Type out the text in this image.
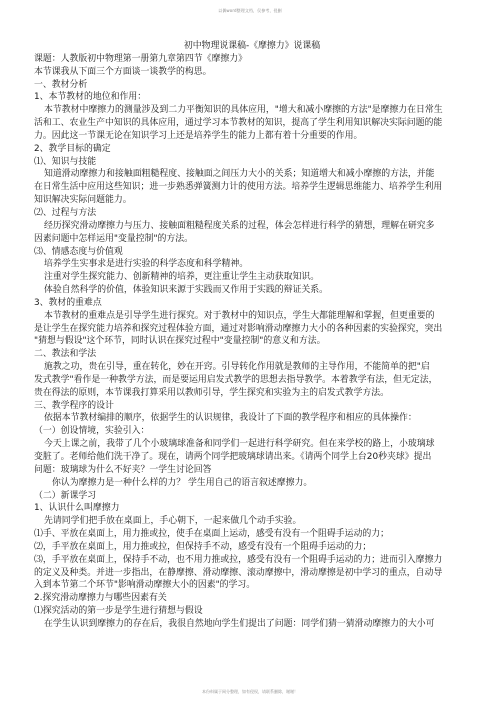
以偶word整理文档，仅参考，侵删
初中物理说课稿-《摩擦力》说课稿
课题：人教版初中物理第一册第九章第四节《摩擦力》
本节课我从下面三个方面谈一谈教学的构思。
一、教材分析
1、本节教材的地位和作用：
本节教材中摩擦力的测量涉及到二力平衡知识的具体应用，"增大和减小摩擦的方法"是摩擦力在日常生
活和工、农业生产中知识的具体应用，通过学习本节教材的知识，提高了学生利用知识解决实际问题的能
力。因此这一节课无论在知识学习上还是培养学生的能力上都有着十分重要的作用。
2、教学目标的确定
⑴、知识与技能
知道滑动摩擦力和接触面粗糙程度、接触面之间压力大小的关系；知道增大和减小摩擦的方法，并能
在日常生活中应用这些知识；进一步熟悉弹簧测力计的使用方法。培养学生逻辑思维能力、培养学生利用
知识解决实际问题能力。
⑵、过程与方法
经历探究滑动摩擦力与压力、接触面粗糙程度关系的过程，体会怎样进行科学的猜想，理解在研究多
因素问题中怎样运用"变量控制"的方法。
⑶、情感态度与价值观
培养学生实事求是进行实验的科学态度和科学精神。
注重对学生探究能力、创新精神的培养，更注重让学生主动获取知识。
体验自然科学的价值，体验知识来源于实践而又作用于实践的辩证关系。
3、教材的重难点
本节教材的重难点是引导学生进行探究。对于教材中的知识点，学生大都能理解和掌握，但更重要的
是让学生在探究能力培养和探究过程体验方面，通过对影响滑动摩擦力大小的各种因素的实验探究，突出
"猜想与假设"这个环节，同时认识在探究过程中"变量控制"的意义和方法。
二、教法和学法
施教之功，贵在引导，重在转化，妙在开窍。引导转化作用就是教师的主导作用，不能简单的把"启
发式教学"看作是一种教学方法，而是要运用启发式教学的思想去指导教学。本着教学有法，但无定法，
贵在得法的原则，本节课我打算采用以教师引导，学生探究和实验为主的启发式教学方法。
三、教学程序的设计
依据本节教材编排的顺序，依据学生的认识规律，我设计了下面的教学程序和相应的具体操作：
（一）创设情境，实验引入：
今天上课之前，我带了几个小玻璃球准备和同学们一起进行科学研究。但在来学校的路上，小玻璃球
变脏了。老师给他们洗干净了。现在，请两个同学把玻璃球请出来。《请两个同学上台20秒夹球》提出
问题：玻璃球为什么不好夹？一学生讨论回答
你认为摩擦力是一种什么样的力？ 学生用自己的语言叙述摩擦力。
（二）新课学习
1、认识什么叫摩擦力
先请同学们把手放在桌面上，手心朝下，一起来做几个动手实验。
⑴手、平放在桌面上，用力推或拉，使手在桌面上运动，感受有没有一个阻碍手运动的力；
⑵，手平放在桌面上，用力推或拉，但保持手不动，感受有没有一个阻碍手运动的力；
⑶，手平放在桌面上，保持手不动，也不用力推或拉，感受有没有一个阻碍手运动的力；进而引入摩擦力
的定义及种类。并进一步指出，在静摩擦、滑动摩擦、滚动摩擦中，滑动摩擦是初中学习的重点，自动导
入到本节第二个环节"影响滑动摩擦大小的因素"的学习。
2.探究滑动摩擦力与哪些因素有关
⑴探究活动的第一步是学生进行猜想与假设
在学生认识到摩擦力的存在后，我很自然地向学生们提出了问题：同学们猜一猜滑动摩擦力的大小可
本份料属于网分整理，如有侵权，请联系删除，谢谢！
